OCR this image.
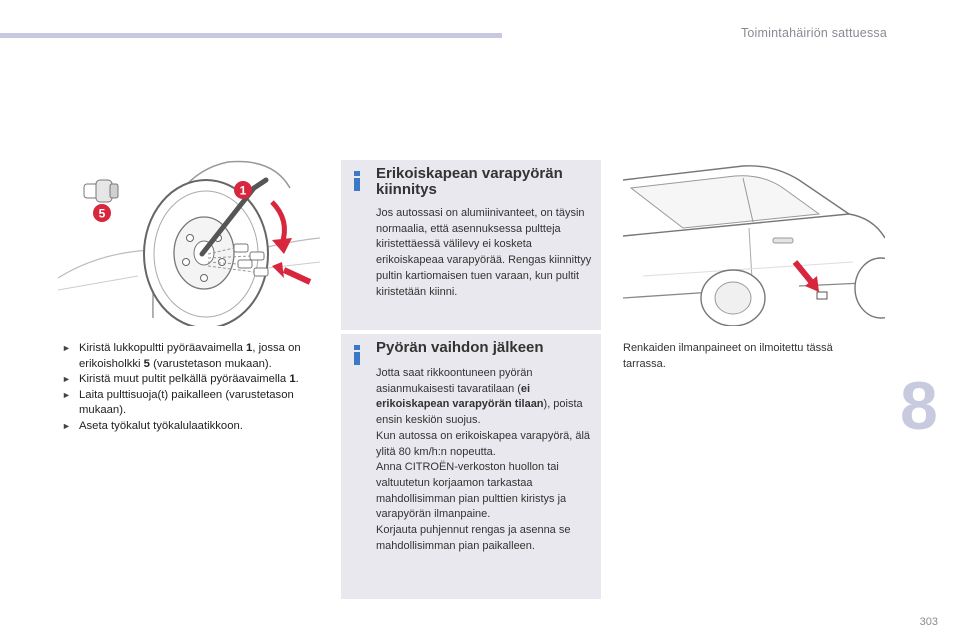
Toimintahäiriön sattuessa
5
1
► Kiristä lukkopultti pyöräavaimella 1, jossa on erikoisholkki 5 (varustetason mukaan).
► Kiristä muut pultit pelkällä pyöräavaimella 1.
► Laita pulttisuoja(t) paikalleen (varustetason mukaan).
► Aseta työkalut työkalulaatikkoon.
Erikoiskapean varapyörän kiinnitys

Jos autossasi on alumiinivanteet, on täysin normaalia, että asennuksessa pultteja kiristettäessä välilevy ei kosketa erikoiskapeaa varapyörää. Rengas kiinnittyy pultin kartiomaisen tuen varaan, kun pultit kiristetään kiinni.

Pyörän vaihdon jälkeen

Jotta saat rikkoontuneen pyörän asianmukaisesti tavaratilaan (ei erikoiskapean varapyörän tilaan), poista ensin keskiön suojus.

Kun autossa on erikoiskapea varapyörä, älä ylitä 80 km/h:n nopeutta.

Anna CITROËN-verkoston huollon tai valtuutetun korjaamon tarkastaa mahdollisimman pian pulttien kiristys ja varapyörän ilmanpaine.

Korjauta puhjennut rengas ja asenna se mahdollisimman pian paikalleen.

Renkaiden ilmanpaineet on ilmoitettu tässä tarrassa.
8
303
